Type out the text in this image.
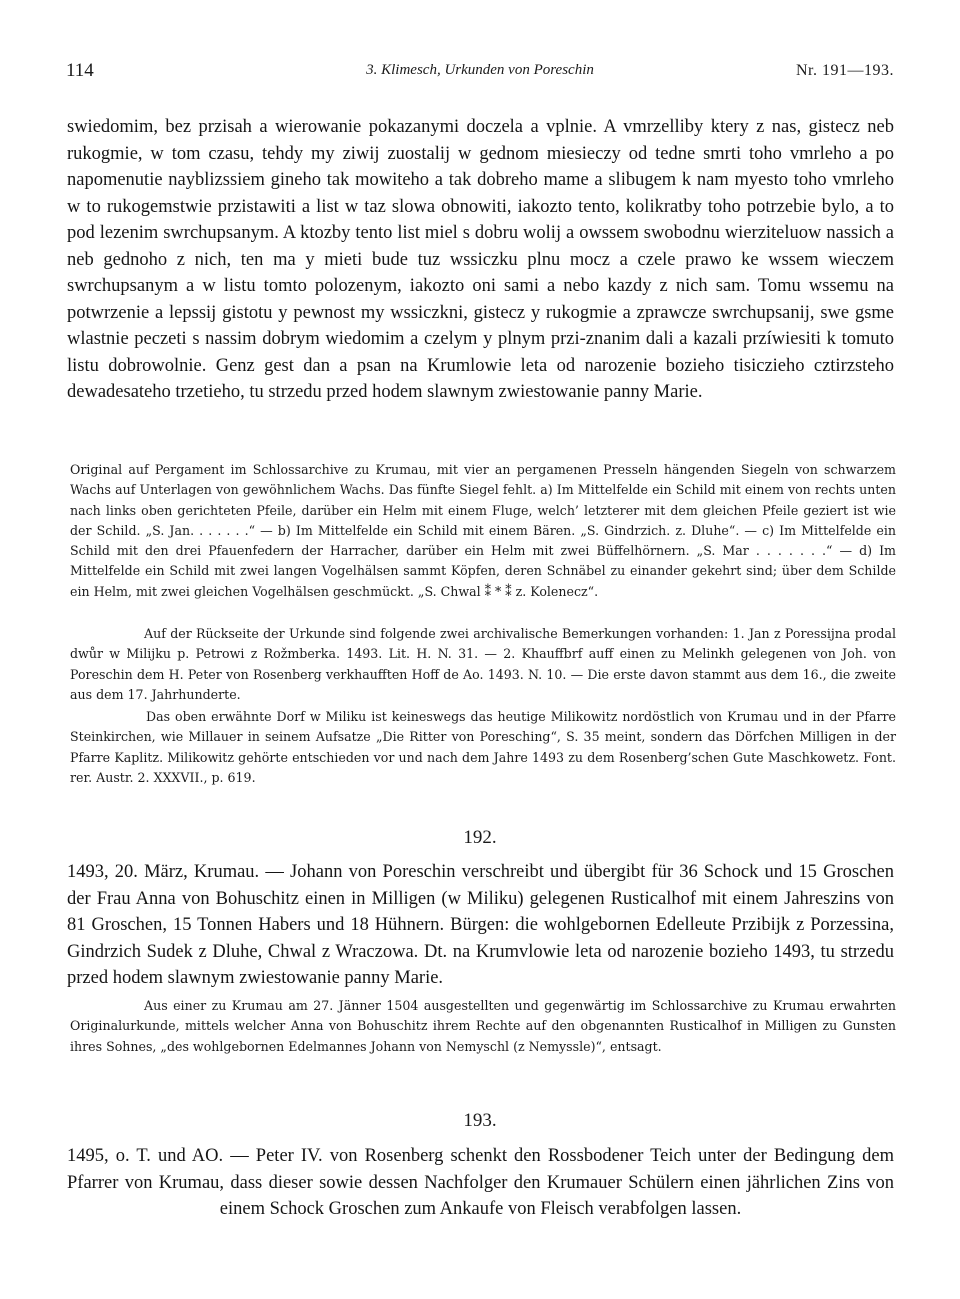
114	3. Klimesch, Urkunden von Poreschin	Nr. 191—193.
swiedomim, bez przisah a wierowanie pokazanymi doczela a vplnie. A vmrzelliby ktery z nas, gistecz neb rukogmie, w tom czasu, tehdy my ziwij zuostalij w gednom miesieczy od tedne smrti toho vmrleho a po napomenutie nayblizssiem gineho tak mowiteho a tak dobreho mame a slibugem k nam myesto toho vmrleho w to rukogemstwie przistawiti a list w taz slowa obnowiti, iakozto tento, kolikratby toho potrzebie bylo, a to pod lezenim swrchupsanym. A ktozby tento list miel s dobru wolij a owssem swobodnu wierziteluow nassich a neb gednoho z nich, ten ma y mieti bude tuz wssiczku plnu mocz a czele prawo ke wssem wieczem swrchupsanym a w listu tomto polozenym, iakozto oni sami a nebo kazdy z nich sam. Tomu wssemu na potwrzenie a lepssij gistotu y pewnost my wssiczkni, gistecz y rukogmie a zprawcze swrchupsanij, swe gsme wlastnie peczeti s nassim dobrym wiedomim a czelym y plnym przi-znanim dali a kazali przíwiesiti k tomuto listu dobrowolnie. Genz gest dan a psan na Krumlowie leta od narozenie bozieho tisiczieho cztirzsteho dewadesateho trzetieho, tu strzedu przed hodem slawnym zwiestowanie panny Marie.
Original auf Pergament im Schlossarchive zu Krumau, mit vier an pergamenen Presseln hängenden Siegeln von schwarzem Wachs auf Unterlagen von gewöhnlichem Wachs. Das fünfte Siegel fehlt. a) Im Mittelfelde ein Schild mit einem von rechts unten nach links oben gerichteten Pfeile, darüber ein Helm mit einem Fluge, welch’ letzterer mit dem gleichen Pfeile geziert ist wie der Schild. „S. Jan. . . . . . .“ — b) Im Mittelfelde ein Schild mit einem Bären. „S. Gindrzich. z. Dluhe“. — c) Im Mittelfelde ein Schild mit den drei Pfauenfedern der Harracher, darüber ein Helm mit zwei Büffelhörnern. „S. Mar . . . . . . .“ — d) Im Mittelfelde ein Schild mit zwei langen Vogelhälsen sammt Köpfen, deren Schnäbel zu einander gekehrt sind; über dem Schilde ein Helm, mit zwei gleichen Vogelhälsen geschmückt. „S. Chwal ⁑ * ⁑ z. Kolenecz“.
Auf der Rückseite der Urkunde sind folgende zwei archivalische Bemerkungen vorhanden: 1. Jan z Poressijna prodal dwůr w Milijku p. Petrowi z Rožmberka. 1493. Lit. H. N. 31. — 2. Khauffbrf auff einen zu Melinkh gelegenen von Joh. von Poreschin dem H. Peter von Rosenberg verkhaufften Hoff de Ao. 1493. N. 10. — Die erste davon stammt aus dem 16., die zweite aus dem 17. Jahrhunderte.
Das oben erwähnte Dorf w Miliku ist keineswegs das heutige Milikowitz nordöstlich von Krumau und in der Pfarre Steinkirchen, wie Millauer in seinem Aufsatze „Die Ritter von Poresching“, S. 35 meint, sondern das Dörfchen Milligen in der Pfarre Kaplitz. Milikowitz gehörte entschieden vor und nach dem Jahre 1493 zu dem Rosenberg’schen Gute Maschkowetz. Font. rer. Austr. 2. XXXVII., p. 619.
192.
1493, 20. März, Krumau. — Johann von Poreschin verschreibt und übergibt für 36 Schock und 15 Groschen der Frau Anna von Bohuschitz einen in Milligen (w Miliku) gelegenen Rusticalhof mit einem Jahreszins von 81 Groschen, 15 Tonnen Habers und 18 Hühnern. Bürgen: die wohlgebornen Edelleute Przibijk z Porzessina, Gindrzich Sudek z Dluhe, Chwal z Wraczowa. Dt. na Krumvlowie leta od narozenie bozieho 1493, tu strzedu przed hodem slawnym zwiestowanie panny Marie.
Aus einer zu Krumau am 27. Jänner 1504 ausgestellten und gegenwärtig im Schlossarchive zu Krumau erwahrten Originalurkunde, mittels welcher Anna von Bohuschitz ihrem Rechte auf den obgenannten Rusticalhof in Milligen zu Gunsten ihres Sohnes, „des wohlgebornen Edelmannes Johann von Nemyschl (z Nemyssle)“, entsagt.
193.
1495, o. T. und AO. — Peter IV. von Rosenberg schenkt den Rossbodener Teich unter der Bedingung dem Pfarrer von Krumau, dass dieser sowie dessen Nachfolger den Krumauer Schülern einen jährlichen Zins von einem Schock Groschen zum Ankaufe von Fleisch verabfolgen lassen.
